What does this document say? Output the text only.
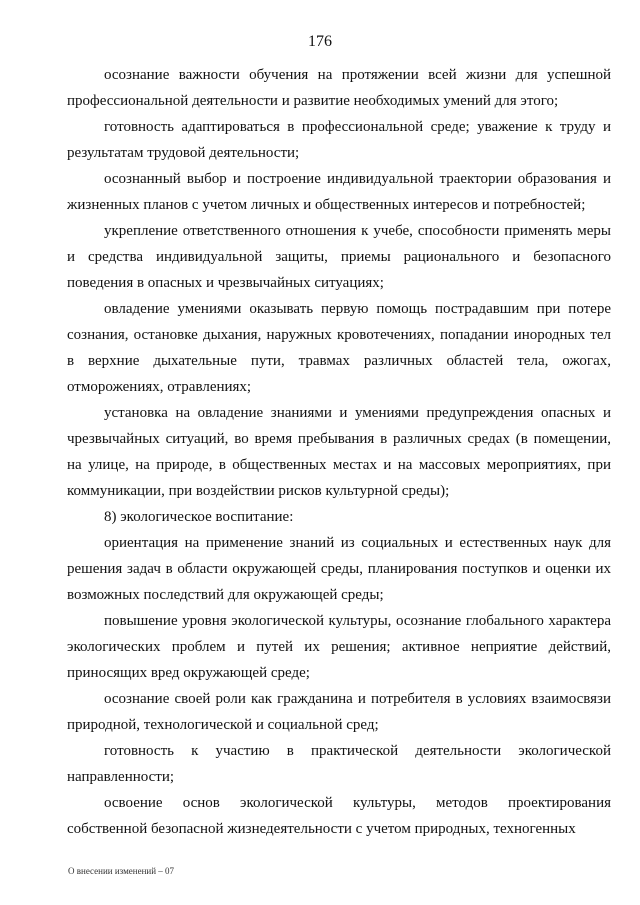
176

осознание важности обучения на протяжении всей жизни для успешной профессиональной деятельности и развитие необходимых умений для этого;

готовность адаптироваться в профессиональной среде; уважение к труду и результатам трудовой деятельности;

осознанный выбор и построение индивидуальной траектории образования и жизненных планов с учетом личных и общественных интересов и потребностей;

укрепление ответственного отношения к учебе, способности применять меры и средства индивидуальной защиты, приемы рационального и безопасного поведения в опасных и чрезвычайных ситуациях;

овладение умениями оказывать первую помощь пострадавшим при потере сознания, остановке дыхания, наружных кровотечениях, попадании инородных тел в верхние дыхательные пути, травмах различных областей тела, ожогах, отморожениях, отравлениях;

установка на овладение знаниями и умениями предупреждения опасных и чрезвычайных ситуаций, во время пребывания в различных средах (в помещении, на улице, на природе, в общественных местах и на массовых мероприятиях, при коммуникации, при воздействии рисков культурной среды);

8) экологическое воспитание:

ориентация на применение знаний из социальных и естественных наук для решения задач в области окружающей среды, планирования поступков и оценки их возможных последствий для окружающей среды;

повышение уровня экологической культуры, осознание глобального характера экологических проблем и путей их решения; активное неприятие действий, приносящих вред окружающей среде;

осознание своей роли как гражданина и потребителя в условиях взаимосвязи природной, технологической и социальной сред;

готовность к участию в практической деятельности экологической направленности;

освоение основ экологической культуры, методов проектирования собственной безопасной жизнедеятельности с учетом природных, техногенных

О внесении изменений – 07
